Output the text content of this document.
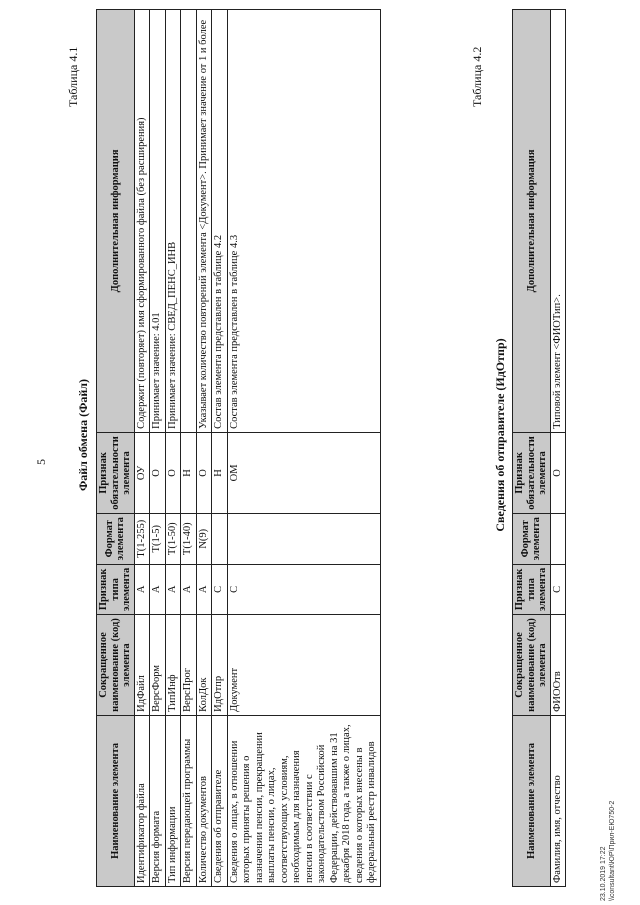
5
Таблица 4.1
Файл обмена (Файл)
Наименование элемента	Сокращенное наименование (код) элемента	Признак типа элемента	Формат элемента	Признак обязательности элемента	Дополнительная информация
Идентификатор файла	ИдФайл	А	Т(1-255)	ОУ	Содержит (повторяет) имя сформированного файла (без расширения)
Версия формата	ВерсФорм	А	Т(1-5)	О	Принимает значение: 4.01
Тип информации	ТипИнф	А	Т(1-50)	О	Принимает значение: СВЕД_ПЕНС_ИНВ
Версия передающей программы	ВерсПрог	А	Т(1-40)	Н	
Количество документов	КолДок	А	N(9)	О	Указывает количество повторений элемента <Документ>. Принимает значение от 1 и более
Сведения об отправителе	ИдОтпр	С		Н	Состав элемента представлен в таблице 4.2
Сведения о лицах, в отношении которых приняты решения о назначении пенсии, прекращении выплаты пенсии, о лицах, соответствующих условиям, необходимым для назначения пенсии в соответствии с законодательством Российской Федерации, действовавшим на 31 декабря 2018 года, а также о лицах, сведения о которых внесены в федеральный реестр инвалидов	Документ	С		ОМ	Состав элемента представлен в таблице 4.3
Таблица 4.2
Сведения об отправителе (ИдОтпр)
Наименование элемента	Сокращенное наименование (код) элемента	Признак типа элемента	Формат элемента	Признак обязательности элемента	Дополнительная информация
Фамилия, имя, отчество	ФИООтв	С		О	Типовой элемент <ФИОТип>.
23.10.2019 17:22 \\consultant\ЮР\Прил-ЕЮ750-2
